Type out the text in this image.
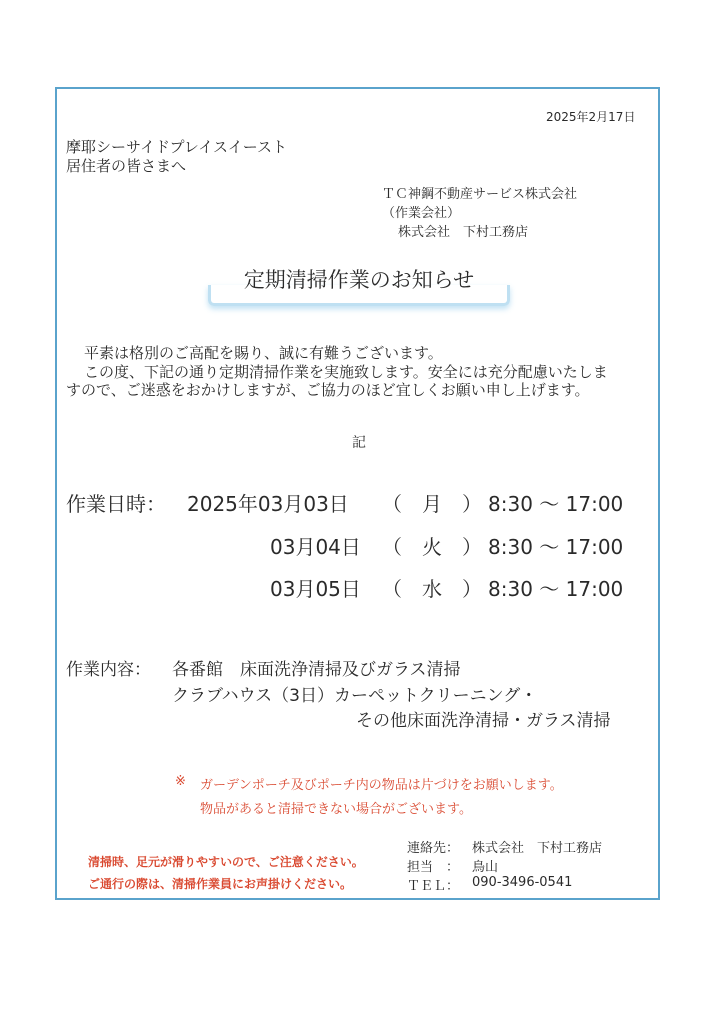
2025年2月17日
摩耶シーサイドプレイスイースト
居住者の皆さまへ
ＴＣ神鋼不動産サービス株式会社
（作業会社）
株式会社　下村工務店
定期清掃作業のお知らせ
平素は格別のご高配を賜り、誠に有難うございます。
この度、下記の通り定期清掃作業を実施致します。安全には充分配慮いたしま
すので、ご迷惑をおかけしますが、ご協力のほど宜しくお願い申し上げます。
記
作業日時： 2025年03月03日 （　月　） 8:30 ～ 17:00
03月04日 （　火　） 8:30 ～ 17:00
03月05日 （　水　） 8:30 ～ 17:00
作業内容： 各番館　床面洗浄清掃及びガラス清掃
クラブハウス（3日）カーペットクリーニング・
その他床面洗浄清掃・ガラス清掃
※ ガーデンポーチ及びポーチ内の物品は片づけをお願いします。
物品があると清掃できない場合がございます。
清掃時、足元が滑りやすいので、ご注意ください。
ご通行の際は、清掃作業員にお声掛けください。
連絡先： 株式会社　下村工務店
担当　： 鳥山
ＴＥＬ： 090-3496-0541
